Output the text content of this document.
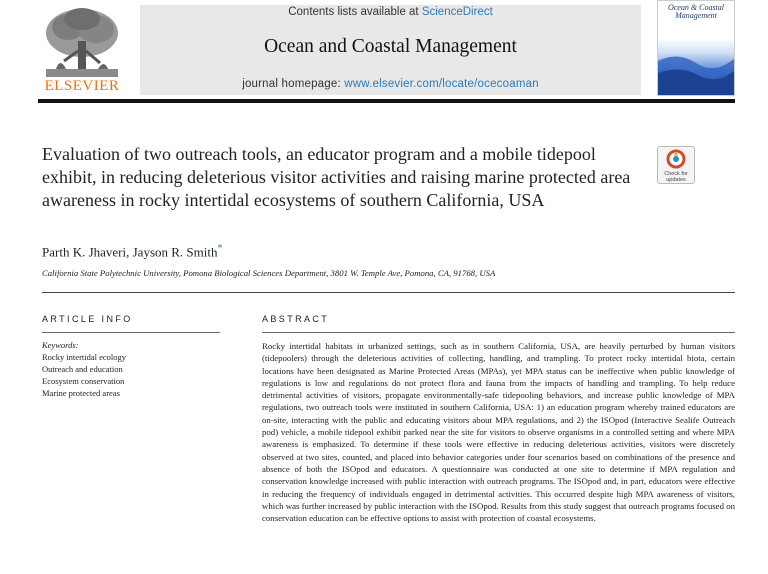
Contents lists available at ScienceDirect
Ocean and Coastal Management
journal homepage: www.elsevier.com/locate/ocecoaman
ELSEVIER
Ocean & Coastal Management
Evaluation of two outreach tools, an educator program and a mobile tidepool exhibit, in reducing deleterious visitor activities and raising marine protected area awareness in rocky intertidal ecosystems of southern California, USA
Check for updates
Parth K. Jhaveri, Jayson R. Smith*
California State Polytechnic University, Pomona Biological Sciences Department, 3801 W. Temple Ave, Pomona, CA, 91768, USA
ARTICLE INFO
Keywords:
Rocky intertidal ecology
Outreach and education
Ecosystem conservation
Marine protected areas
ABSTRACT
Rocky intertidal habitats in urbanized settings, such as in southern California, USA, are heavily perturbed by human visitors (tidepoolers) through the deleterious activities of collecting, handling, and trampling. To protect rocky intertidal biota, certain locations have been designated as Marine Protected Areas (MPAs), yet MPA status can be ineffective when public knowledge of regulations is low and regulations do not protect flora and fauna from the impacts of handling and trampling. To help reduce detrimental activities of visitors, propagate environmentally-safe tidepooling behaviors, and increase public knowledge of MPA regulations, two outreach tools were instituted in southern California, USA: 1) an education program whereby trained educators are on-site, interacting with the public and educating visitors about MPA regulations, and 2) the ISOpod (Interactive Sealife Outreach pod) vehicle, a mobile tidepool exhibit parked near the site for visitors to observe organisms in a controlled setting and where MPA awareness is emphasized. To determine if these tools were effective in reducing deleterious activities, visitors were discretely observed at two sites, counted, and placed into behavior categories under four scenarios based on combinations of the presence and absence of both the ISOpod and educators. A questionnaire was conducted at one site to determine if MPA regulation and conservation knowledge increased with public interaction with outreach programs. The ISOpod and, in part, educators were effective in reducing the frequency of individuals engaged in detrimental activities. This occurred despite high MPA awareness of visitors, which was further increased by public interaction with the ISOpod. Results from this study suggest that outreach programs focused on conservation education can be effective options to assist with protection of coastal ecosystems.
